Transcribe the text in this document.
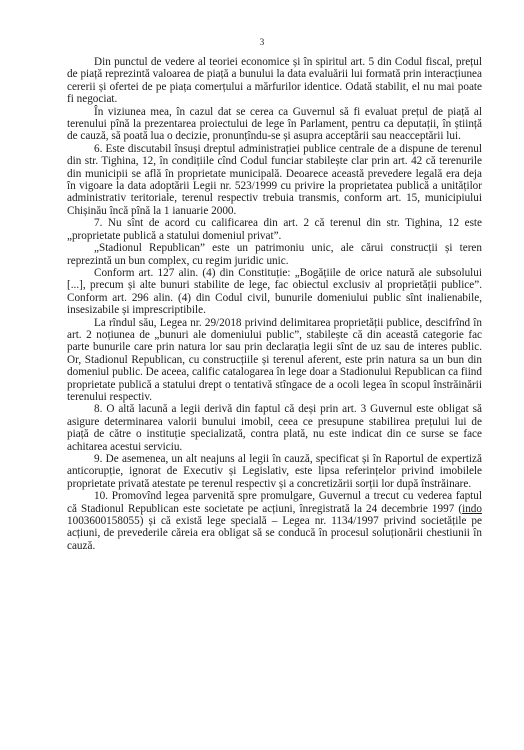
3

Din punctul de vedere al teoriei economice și în spiritul art. 5 din Codul fiscal, prețul de piață reprezintă valoarea de piață a bunului la data evaluării lui formată prin interacțiunea cererii și ofertei de pe piața comerțului a mărfurilor identice. Odată stabilit, el nu mai poate fi negociat.

În viziunea mea, în cazul dat se cerea ca Guvernul să fi evaluat prețul de piață al terenului pînă la prezentarea proiectului de lege în Parlament, pentru ca deputații, în știință de cauză, să poată lua o decizie, pronunțîndu-se și asupra acceptării sau neacceptării lui.

6. Este discutabil însuși dreptul administrației publice centrale de a dispune de terenul din str. Tighina, 12, în condițiile cînd Codul funciar stabilește clar prin art. 42 că terenurile din municipii se află în proprietate municipală. Deoarece această prevedere legală era deja în vigoare la data adoptării Legii nr. 523/1999 cu privire la proprietatea publică a unităților administrativ teritoriale, terenul respectiv trebuia transmis, conform art. 15, municipiului Chișinău încă pînă la 1 ianuarie 2000.

7. Nu sînt de acord cu calificarea din art. 2 că terenul din str. Tighina, 12 este „proprietate publică a statului domeniul privat”.

„Stadionul Republican” este un patrimoniu unic, ale cărui construcții și teren reprezintă un bun complex, cu regim juridic unic.

Conform art. 127 alin. (4) din Constituție: „Bogățiile de orice natură ale subsolului [...], precum și alte bunuri stabilite de lege, fac obiectul exclusiv al proprietății publice”. Conform art. 296 alin. (4) din Codul civil, bunurile domeniului public sînt inalienabile, insesizabile și imprescriptibile.

La rîndul său, Legea nr. 29/2018 privind delimitarea proprietății publice, descifrînd în art. 2 noțiunea de „bunuri ale domeniului public”, stabilește că din această categorie fac parte bunurile care prin natura lor sau prin declarația legii sînt de uz sau de interes public. Or, Stadionul Republican, cu construcțiile și terenul aferent, este prin natura sa un bun din domeniul public. De aceea, calific catalogarea în lege doar a Stadionului Republican ca fiind proprietate publică a statului drept o tentativă stîngace de a ocoli legea în scopul înstrăinării terenului respectiv.

8. O altă lacună a legii derivă din faptul că deși prin art. 3 Guvernul este obligat să asigure determinarea valorii bunului imobil, ceea ce presupune stabilirea prețului lui de piață de către o instituție specializată, contra plată, nu este indicat din ce surse se face achitarea acestui serviciu.

9. De asemenea, un alt neajuns al legii în cauză, specificat și în Raportul de expertiză anticorupție, ignorat de Executiv și Legislativ, este lipsa referințelor privind imobilele proprietate privată atestate pe terenul respectiv și a concretizării sorții lor după înstrăinare.

10. Promovînd legea parvenită spre promulgare, Guvernul a trecut cu vederea faptul că Stadionul Republican este societate pe acțiuni, înregistrată la 24 decembrie 1997 (indo 1003600158055) și că există lege specială – Legea nr. 1134/1997 privind societățile pe acțiuni, de prevederile căreia era obligat să se conducă în procesul soluționării chestiunii în cauză.
